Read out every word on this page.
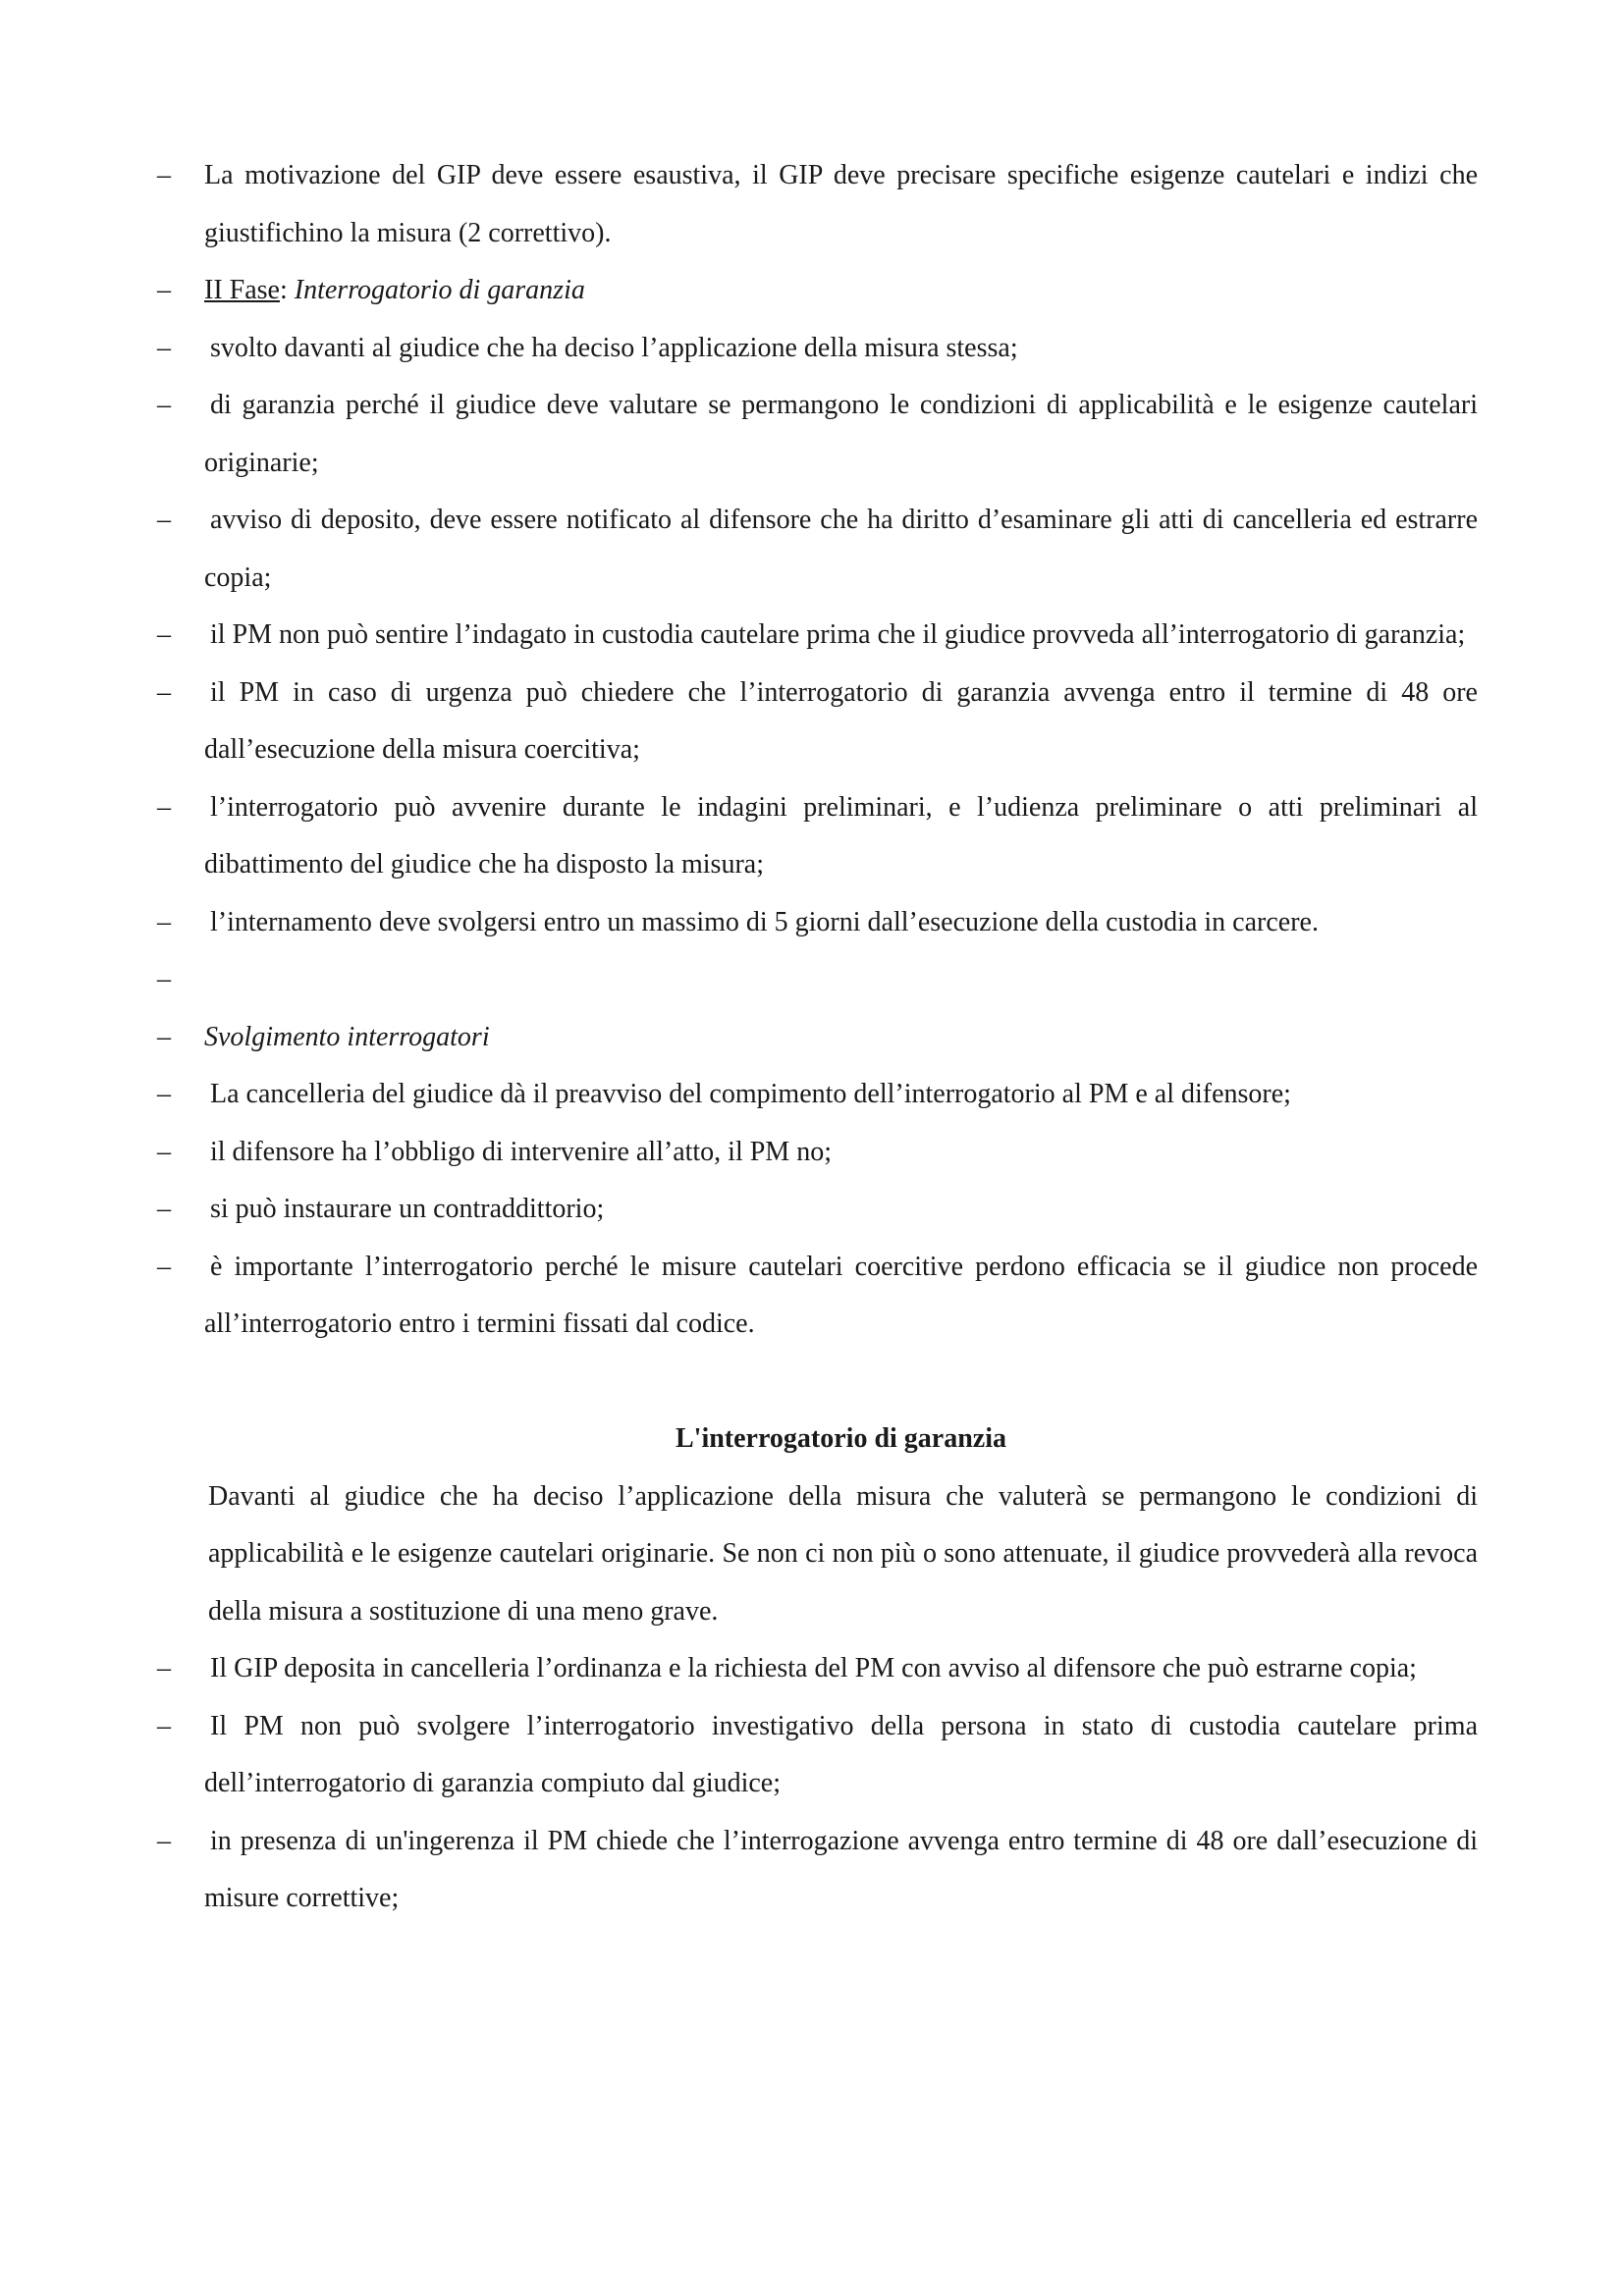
– La motivazione del GIP deve essere esaustiva, il GIP deve precisare specifiche esigenze cautelari e indizi che giustifichino la misura (2 correttivo).
– II Fase: Interrogatorio di garanzia
– svolto davanti al giudice che ha deciso l’applicazione della misura stessa;
– di garanzia perché il giudice deve valutare se permangono le condizioni di applicabilità e le esigenze cautelari originarie;
– avviso di deposito, deve essere notificato al difensore che ha diritto d’esaminare gli atti di cancelleria ed estrarre copia;
– il PM non può sentire l’indagato in custodia cautelare prima che il giudice provveda all’interrogatorio di garanzia;
– il PM in caso di urgenza può chiedere che l’interrogatorio di garanzia avvenga entro il termine di 48 ore dall’esecuzione della misura coercitiva;
– l’interrogatorio può avvenire durante le indagini preliminari, e l’udienza preliminare o atti preliminari al dibattimento del giudice che ha disposto la misura;
– l’internamento deve svolgersi entro un massimo di 5 giorni dall’esecuzione della custodia in carcere.
–
– Svolgimento interrogatori
– La cancelleria del giudice dà il preavviso del compimento dell’interrogatorio al PM e al difensore;
– il difensore ha l’obbligo di intervenire all’atto, il PM no;
– si può instaurare un contraddittorio;
– è importante l’interrogatorio perché le misure cautelari coercitive perdono efficacia se il giudice non procede all’interrogatorio entro i termini fissati dal codice.
L'interrogatorio di garanzia
Davanti al giudice che ha deciso l’applicazione della misura che valuterà se permangono le condizioni di applicabilità e le esigenze cautelari originarie. Se non ci non più o sono attenuate, il giudice provvederà alla revoca della misura a sostituzione di una meno grave.
– Il GIP deposita in cancelleria l’ordinanza e la richiesta del PM con avviso al difensore che può estrarne copia;
– Il PM non può svolgere l’interrogatorio investigativo della persona in stato di custodia cautelare prima dell’interrogatorio di garanzia compiuto dal giudice;
– in presenza di un'ingerenza il PM chiede che l’interrogazione avvenga entro termine di 48 ore dall’esecuzione di misure correttive;
